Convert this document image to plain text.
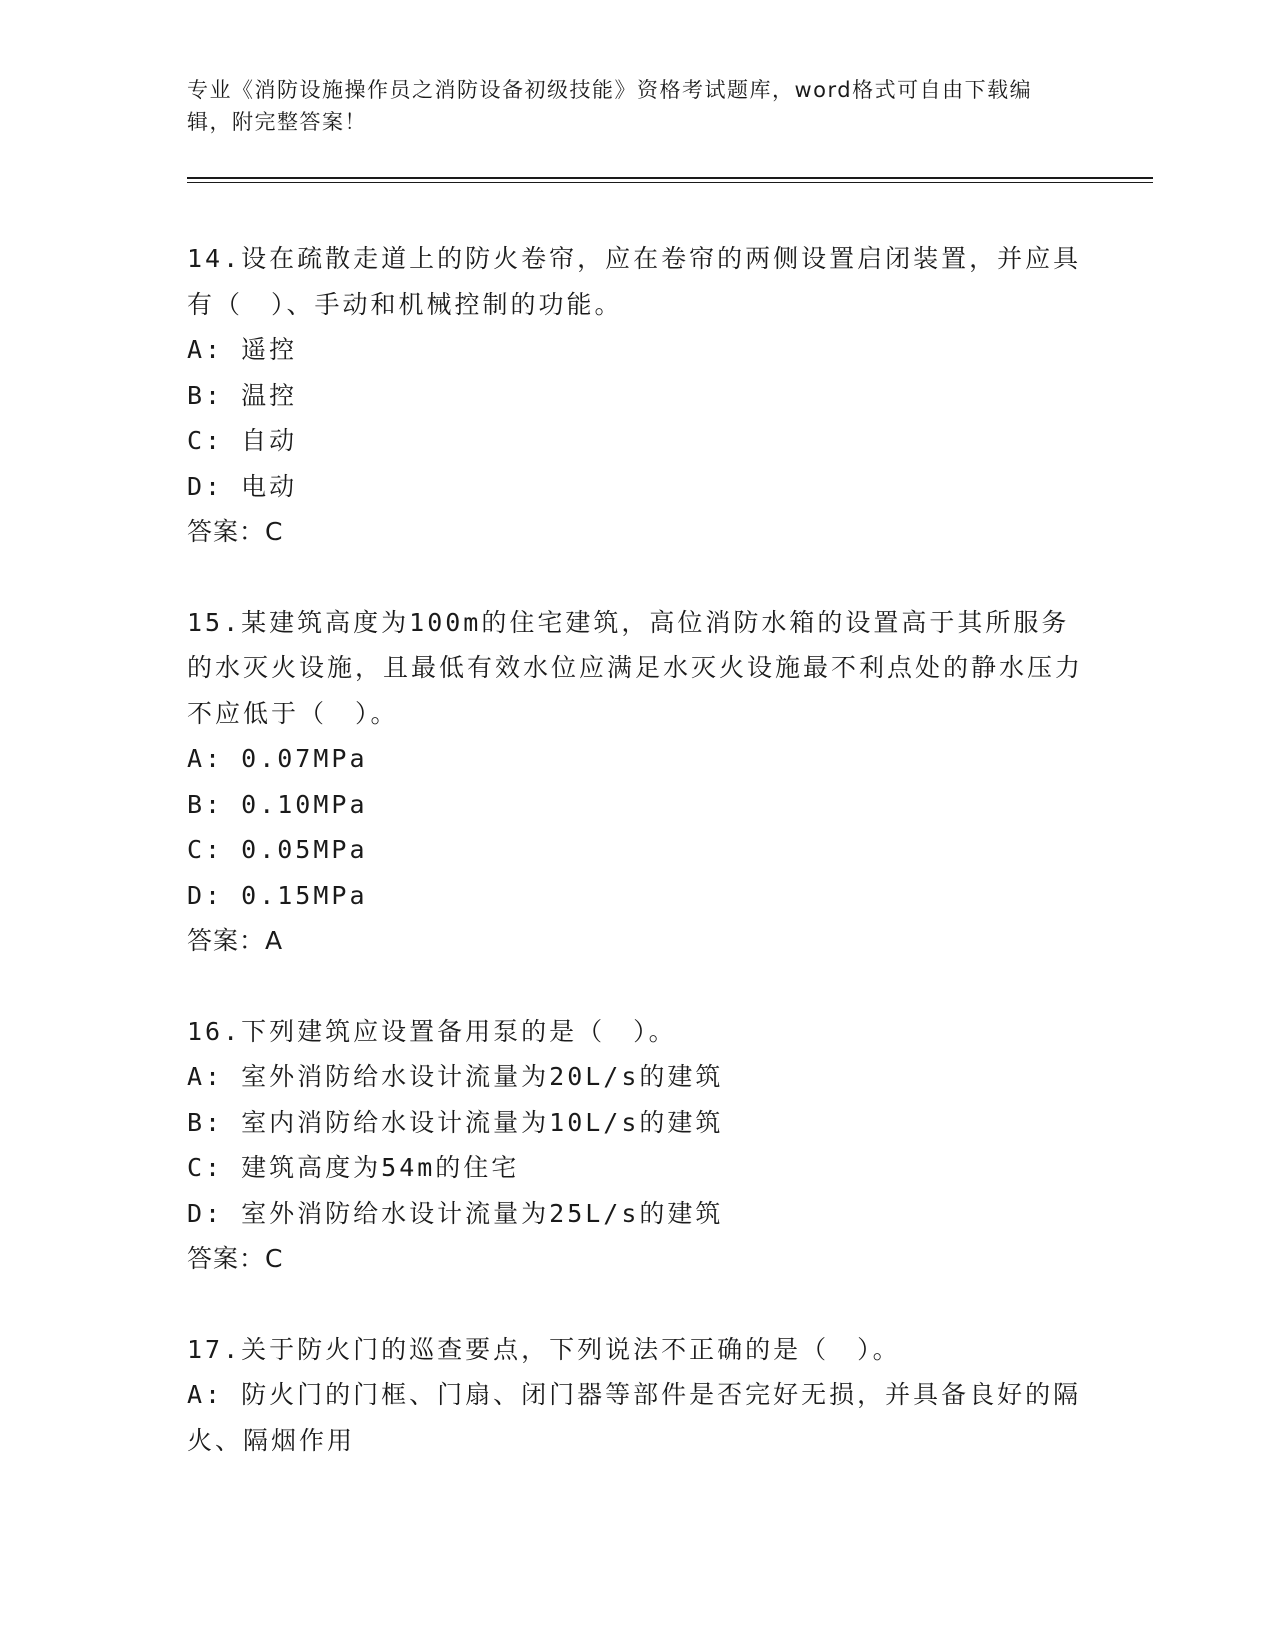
专业《消防设施操作员之消防设备初级技能》资格考试题库，word格式可自由下载编辑，附完整答案！
14.设在疏散走道上的防火卷帘，应在卷帘的两侧设置启闭装置，并应具有（　）、手动和机械控制的功能。
A: 遥控
B: 温控
C: 自动
D: 电动
答案：C
15.某建筑高度为100m的住宅建筑，高位消防水箱的设置高于其所服务的水灭火设施，且最低有效水位应满足水灭火设施最不利点处的静水压力不应低于（　）。
A: 0.07MPa
B: 0.10MPa
C: 0.05MPa
D: 0.15MPa
答案：A
16.下列建筑应设置备用泵的是（　）。
A: 室外消防给水设计流量为20L/s的建筑
B: 室内消防给水设计流量为10L/s的建筑
C: 建筑高度为54m的住宅
D: 室外消防给水设计流量为25L/s的建筑
答案：C
17.关于防火门的巡查要点，下列说法不正确的是（　）。
A: 防火门的门框、门扇、闭门器等部件是否完好无损，并具备良好的隔火、隔烟作用
